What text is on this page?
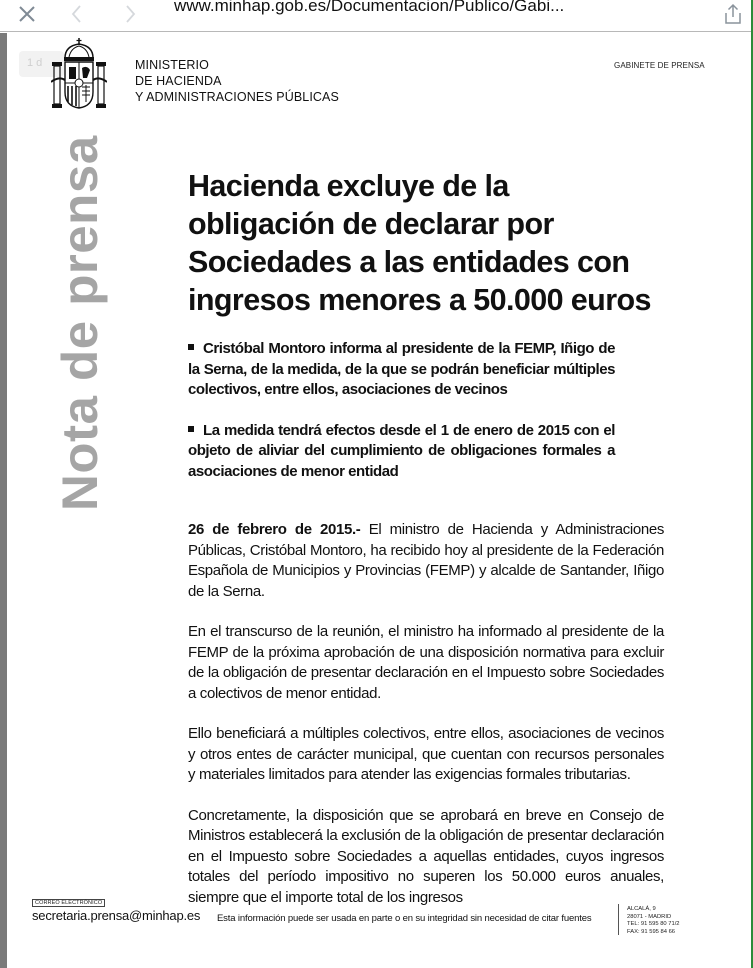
www.minhap.gob.es/Documentacion/Publico/Gabi...
1 d	MINISTERIO
DE HACIENDA
Y ADMINISTRACIONES PÚBLICAS
GABINETE DE PRENSA
Nota de prensa	Hacienda excluye de la obligación de declarar por Sociedades a las entidades con ingresos menores a 50.000 euros

Cristóbal Montoro informa al presidente de la FEMP, Iñigo de la Serna, de la medida, de la que se podrán beneficiar múltiples colectivos, entre ellos, asociaciones de vecinos

La medida tendrá efectos desde el 1 de enero de 2015 con el objeto de aliviar del cumplimiento de obligaciones formales a asociaciones de menor entidad

26 de febrero de 2015.- El ministro de Hacienda y Administraciones Públicas, Cristóbal Montoro, ha recibido hoy al presidente de la Federación Española de Municipios y Provincias (FEMP) y alcalde de Santander, Iñigo de la Serna.

En el transcurso de la reunión, el ministro ha informado al presidente de la FEMP de la próxima aprobación de una disposición normativa para excluir de la obligación de presentar declaración en el Impuesto sobre Sociedades a colectivos de menor entidad.

Ello beneficiará a múltiples colectivos, entre ellos, asociaciones de vecinos y otros entes de carácter municipal, que cuentan con recursos personales y materiales limitados para atender las exigencias formales tributarias.

Concretamente, la disposición que se aprobará en breve en Consejo de Ministros establecerá la exclusión de la obligación de presentar declaración en el Impuesto sobre Sociedades a aquellas entidades, cuyos ingresos totales del período impositivo no superen los 50.000 euros anuales, siempre que el importe total de los ingresos

CORREO ELECTRÓNICO
secretaria.prensa@minhap.es Esta información puede ser usada en parte o en su integridad sin necesidad de citar fuentes
ALCALÁ, 9
28071 - MADRID
TEL: 91 595 80 71/2
FAX: 91 595 84 66
